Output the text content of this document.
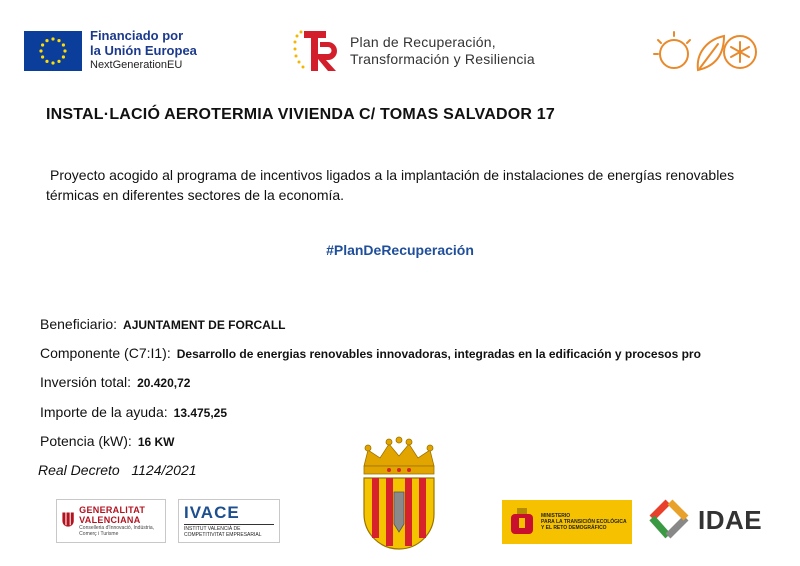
Financiado por
la Unión Europea
NextGenerationEU
Plan de Recuperación,
Transformación y Resiliencia
INSTAL·LACIÓ AEROTERMIA VIVIENDA C/ TOMAS SALVADOR 17
Proyecto acogido al programa de incentivos ligados a la implantación de instalaciones de energías renovables térmicas en diferentes sectores de la economía.
#PlanDeRecuperación
Beneficiario: AJUNTAMENT DE FORCALL
Componente (C7:I1): Desarrollo de energias renovables innovadoras, integradas en la edificación y procesos pro
Inversión total: 20.420,72
Importe de la ayuda: 13.475,25
Potencia (kW): 16 KW
Real Decreto   1124/2021
GENERALITAT
VALENCIANA
Conselleria d'Innovació, Indústria, Comerç i Turisme
IVACE
INSTITUT VALENCIÀ DE COMPETITIVITAT EMPRESARIAL
MINISTERIO
PARA LA TRANSICIÓN ECOLÓGICA
Y EL RETO DEMOGRÁFICO	IDAE
